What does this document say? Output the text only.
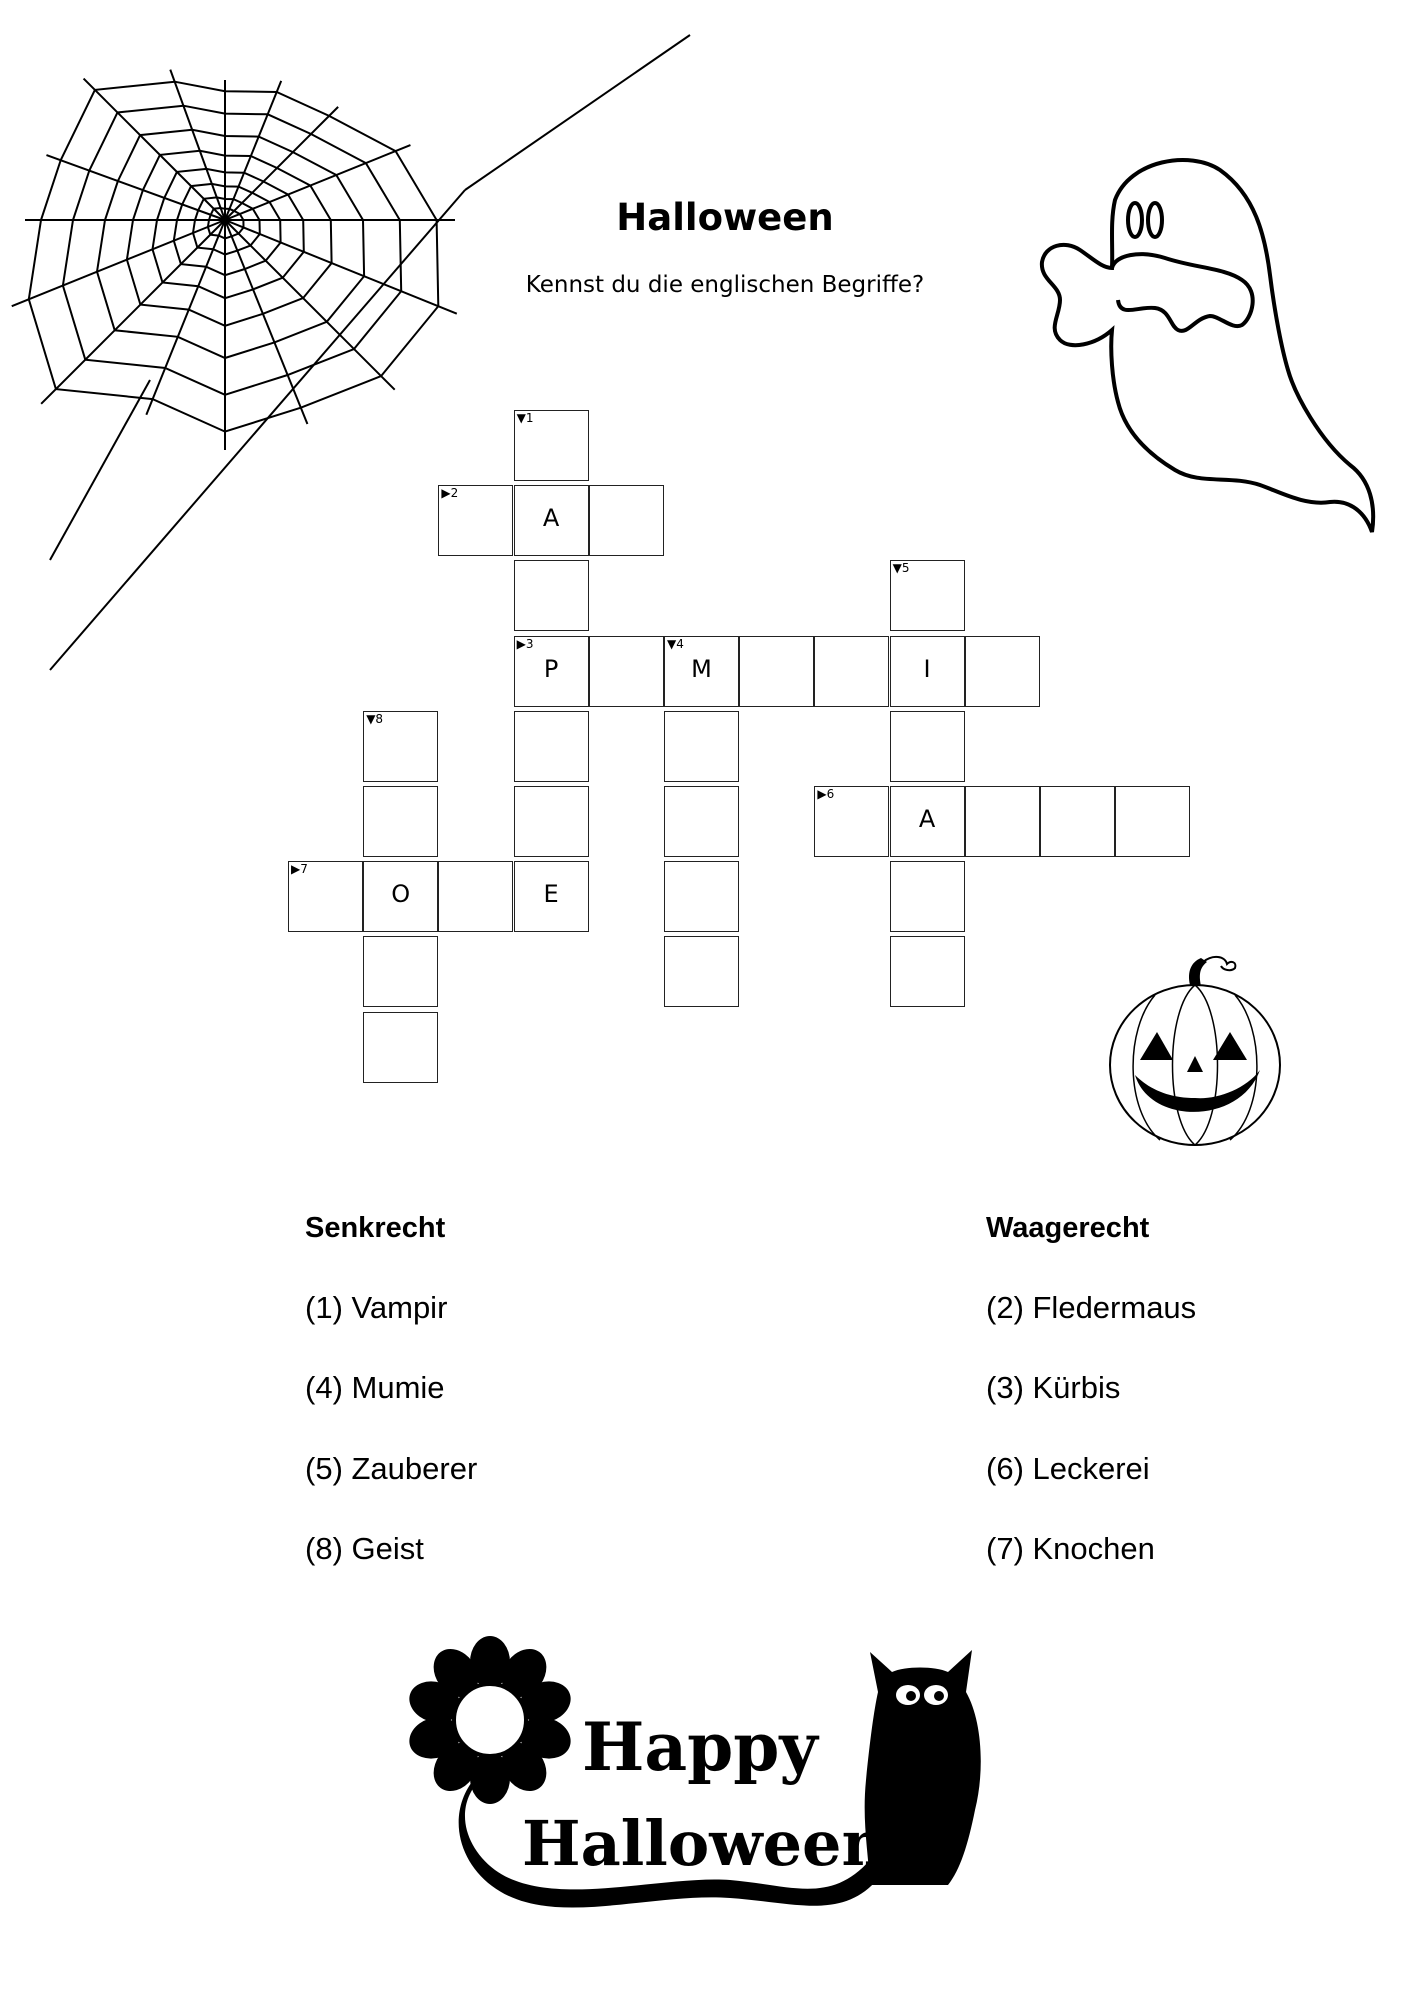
Halloween
Kennst du die englischen Begriffe?
▼1
▶2
A
▼5
▶3
P
▼4
M	I
▼8
▶6
A
▶7
O	E
Senkrecht	Waagerecht
(1) Vampir
(4) Mumie
(5) Zauberer
(8) Geist
(2) Fledermaus
(3) Kürbis
(6) Leckerei
(7) Knochen
Happy
Halloween
